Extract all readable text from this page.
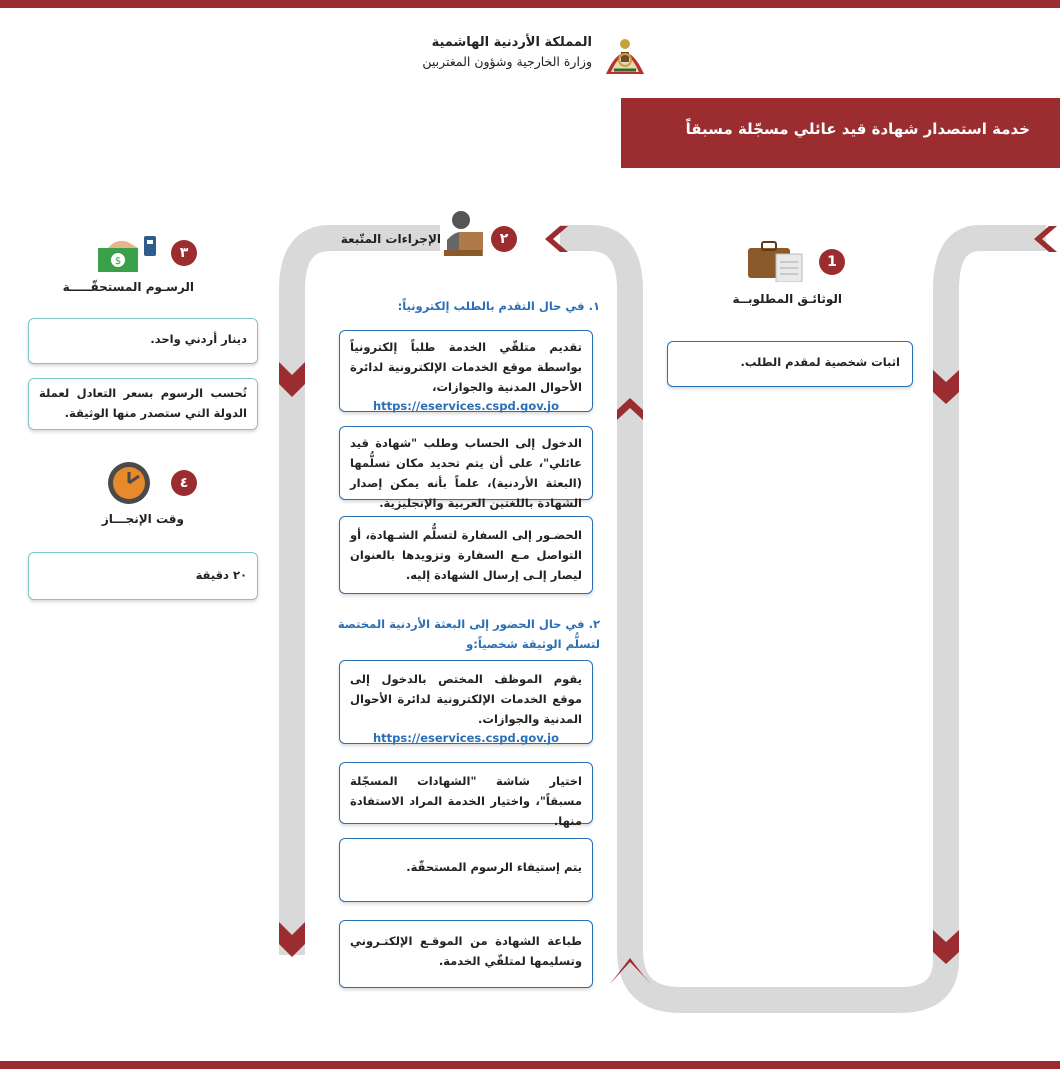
المملكة الأردنية الهاشمية
وزارة الخارجية وشؤون المغتربين
خدمة استصدار شهادة قيد عائلي مسجّلة مسبقاً
1
الوثائـق المطلوبــة

اثبات شخصية لمقدم الطلب.

٢
الإجراءات المتّبعة
١. في حال التقدم بالطلب إلكترونياً:

تقديم متلقّي الخدمة طلباً إلكترونياً بواسطة موقع الخدمات الإلكترونية لدائرة الأحوال المدنية والجوازات،

https://eservices.cspd.gov.jo

الدخول إلى الحساب وطلب "شهادة قيد عائلي"، على أن يتم تحديد مكان تسلُّمها (البعثة الأردنية)، علماً بأنه يمكن إصدار الشهادة باللغتين العربية والإنجليزية.

الحضـور إلى السفارة لتسلُّم الشـهادة، أو التواصل مـع السفارة وتزويدها بالعنوان ليصار إلـى إرسال الشهادة إليه.

٢. في حال الحضور إلى البعثة الأردنية المختصة لتسلُّم الوثيقة شخصياً:و

يقوم الموظف المختص بالدخول إلى موقع الخدمات الإلكترونية لدائرة الأحوال المدنية والجوازات.

https://eservices.cspd.gov.jo

اختيار شاشة "الشهادات المسجّلة مسبقاً"، واختيار الخدمة المراد الاستفادة منها.

يتم إستيفاء الرسوم المستحقّة.

طباعة الشهادة من الموقـع الإلكتـروني وتسليمها لمتلقّي الخدمة.

٣
$
الرسـوم المستحقّـــــة

دينار أردني واحد.

تُحسب الرسوم بسعر التعادل لعملة الدولة التي ستصدر منها الوثيقة.

٤
وقت الإنجـــاز

٢٠ دقيقة
